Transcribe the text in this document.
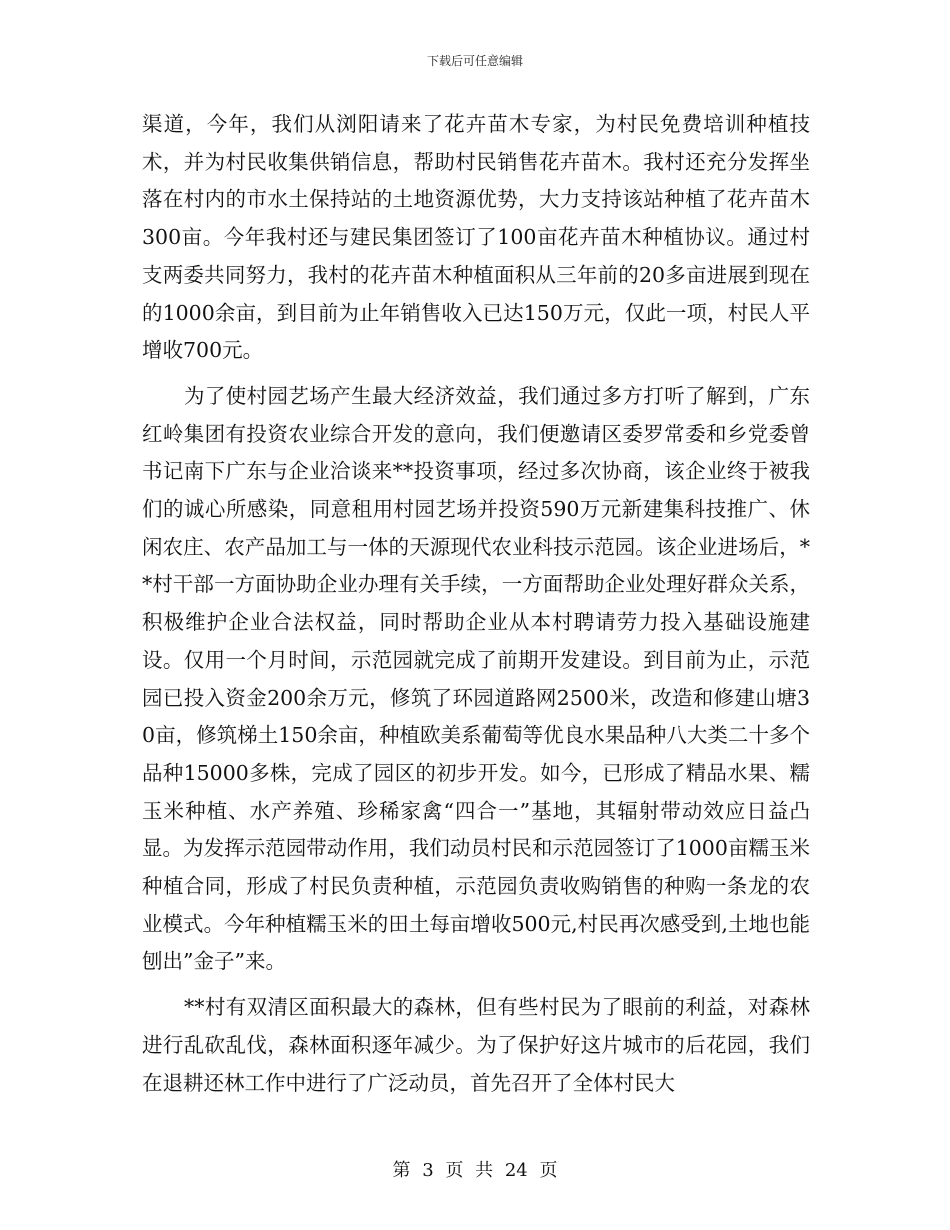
下载后可任意编辑

渠道，今年，我们从浏阳请来了花卉苗木专家，为村民免费培训种植技术，并为村民收集供销信息，帮助村民销售花卉苗木。我村还充分发挥坐落在村内的市水土保持站的土地资源优势，大力支持该站种植了花卉苗木300亩。今年我村还与建民集团签订了100亩花卉苗木种植协议。通过村支两委共同努力，我村的花卉苗木种植面积从三年前的20多亩进展到现在的1000余亩，到目前为止年销售收入已达150万元，仅此一项，村民人平增收700元。

为了使村园艺场产生最大经济效益，我们通过多方打听了解到，广东红岭集团有投资农业综合开发的意向，我们便邀请区委罗常委和乡党委曾书记南下广东与企业洽谈来**投资事项，经过多次协商，该企业终于被我们的诚心所感染，同意租用村园艺场并投资590万元新建集科技推广、休闲农庄、农产品加工与一体的天源现代农业科技示范园。该企业进场后，**村干部一方面协助企业办理有关手续，一方面帮助企业处理好群众关系，积极维护企业合法权益，同时帮助企业从本村聘请劳力投入基础设施建设。仅用一个月时间，示范园就完成了前期开发建设。到目前为止，示范园已投入资金200余万元，修筑了环园道路网2500米，改造和修建山塘30亩，修筑梯土150余亩，种植欧美系葡萄等优良水果品种八大类二十多个品种15000多株，完成了园区的初步开发。如今，已形成了精品水果、糯玉米种植、水产养殖、珍稀家禽“四合一”基地，其辐射带动效应日益凸显。为发挥示范园带动作用，我们动员村民和示范园签订了1000亩糯玉米种植合同，形成了村民负责种植，示范园负责收购销售的种购一条龙的农业模式。今年种植糯玉米的田土每亩增收500元,村民再次感受到,土地也能刨出”金子”来。

**村有双清区面积最大的森林，但有些村民为了眼前的利益，对森林进行乱砍乱伐，森林面积逐年减少。为了保护好这片城市的后花园，我们在退耕还林工作中进行了广泛动员，首先召开了全体村民大

第 3 页 共 24 页
